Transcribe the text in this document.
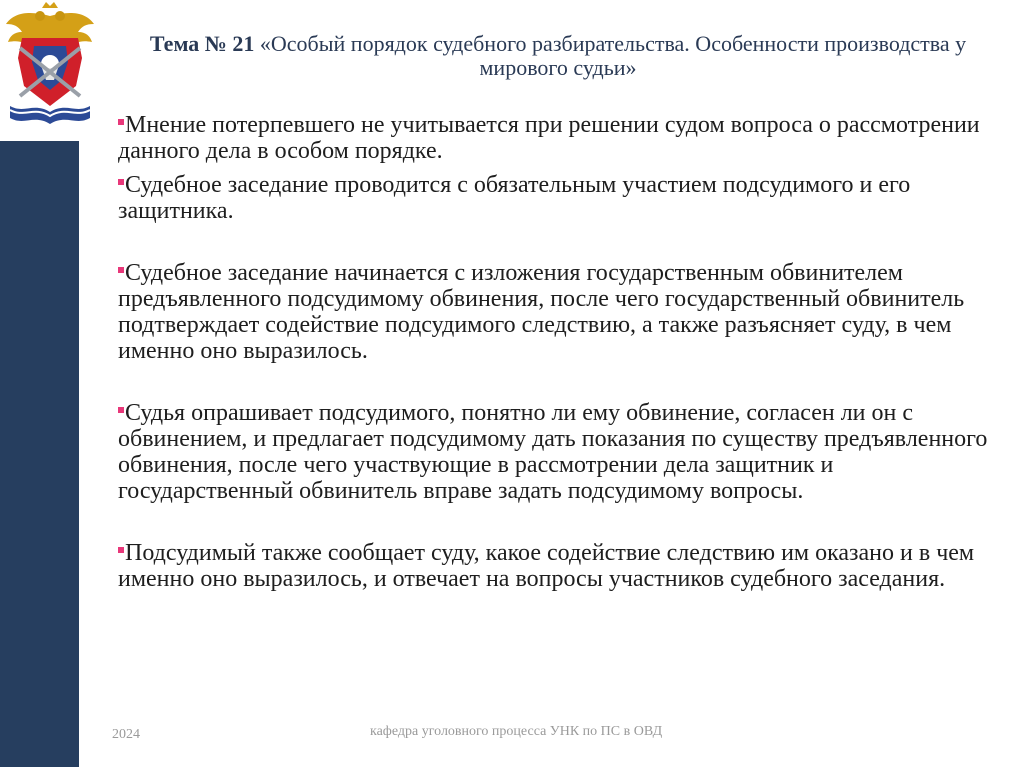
Тема № 21 «Особый порядок судебного разбирательства. Особенности производства у мирового судьи»

Мнение потерпевшего не учитывается при решении судом вопроса о рассмотрении данного дела в особом порядке.

Судебное заседание проводится с обязательным участием подсудимого и его защитника.

Судебное заседание начинается с изложения государственным обвинителем предъявленного подсудимому обвинения, после чего государственный обвинитель подтверждает содействие подсудимого следствию, а также разъясняет суду, в чем именно оно выразилось.

Судья опрашивает подсудимого, понятно ли ему обвинение, согласен ли он с обвинением, и предлагает подсудимому дать показания по существу предъявленного обвинения, после чего участвующие в рассмотрении дела защитник и государственный обвинитель вправе задать подсудимому вопросы.

Подсудимый также сообщает суду, какое содействие следствию им оказано и в чем именно оно выразилось, и отвечает на вопросы участников судебного заседания.

2024	кафедра уголовного процесса УНК по ПС в ОВД
